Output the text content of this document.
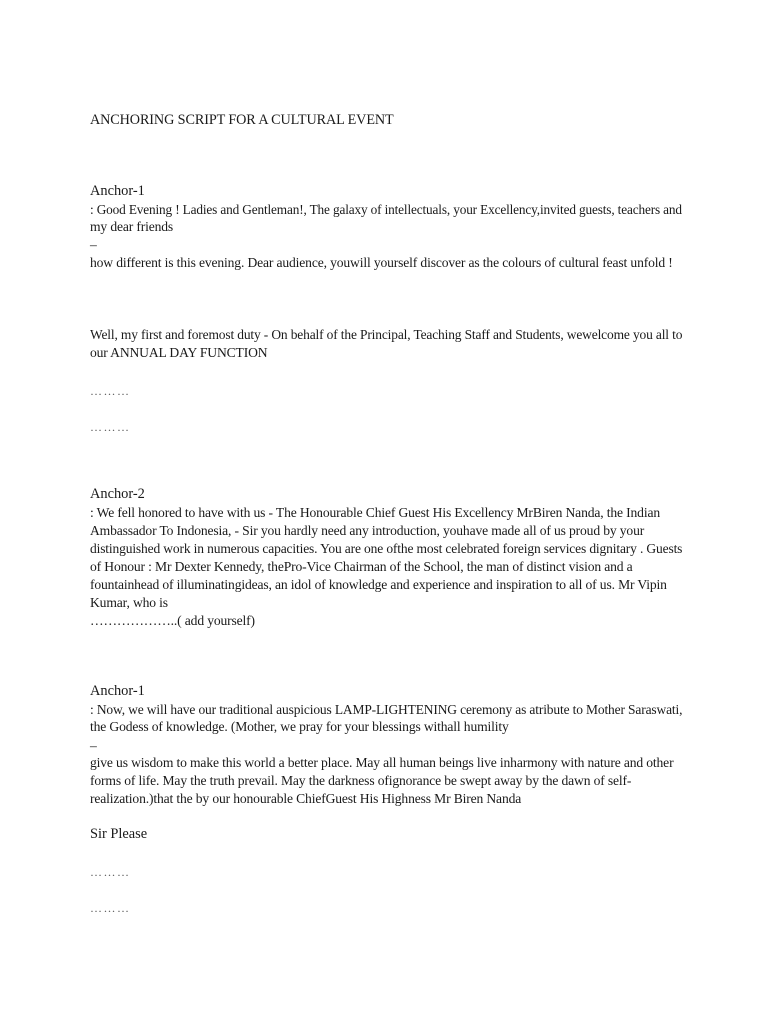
ANCHORING SCRIPT FOR A CULTURAL EVENT
Anchor-1
: Good Evening ! Ladies and Gentleman!, The galaxy of intellectuals, your Excellency,invited guests, teachers and
my dear friends
–
how different is this evening. Dear audience, youwill yourself discover as the colours of cultural feast unfold !
Well, my first and foremost duty - On behalf of the Principal, Teaching Staff and Students, wewelcome you all to
our ANNUAL DAY FUNCTION
………
………
Anchor-2
: We fell honored to have with us - The Honourable Chief Guest His Excellency MrBiren Nanda, the Indian
Ambassador To Indonesia, - Sir you hardly need any introduction, youhave made all of us proud by your
distinguished work in numerous capacities. You are one ofthe most celebrated foreign services dignitary . Guests
of Honour : Mr Dexter Kennedy, thePro-Vice Chairman of the School, the man of distinct vision and a
fountainhead of illuminatingideas, an idol of knowledge and experience and inspiration to all of us. Mr Vipin
Kumar, who is
………………..( add yourself)
Anchor-1
: Now, we will have our traditional auspicious LAMP-LIGHTENING ceremony as atribute to Mother Saraswati,
the Godess of knowledge. (Mother, we pray for your blessings withall humility
–
give us wisdom to make this world a better place. May all human beings live inharmony with nature and other
forms of life. May the truth prevail. May the darkness ofignorance be swept away by the dawn of self-
realization.)that the by our honourable ChiefGuest His Highness Mr Biren Nanda
Sir Please
………
………
